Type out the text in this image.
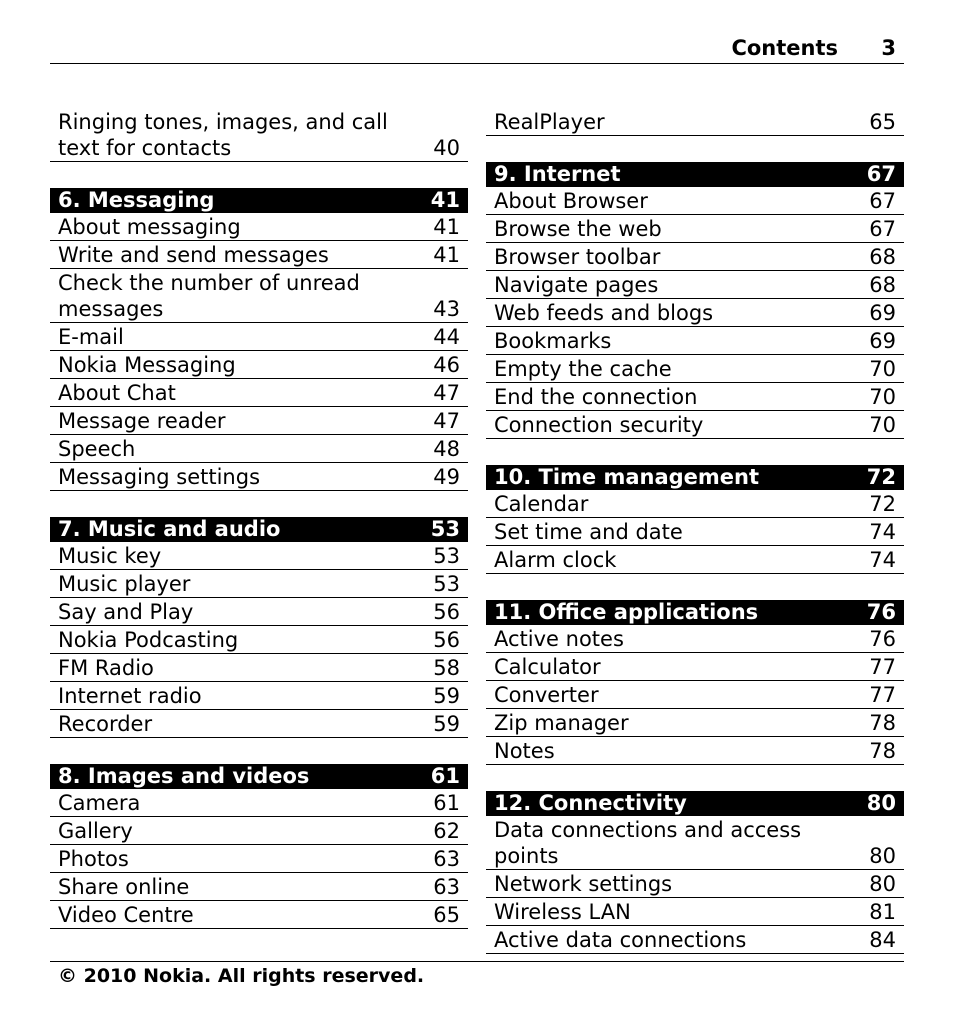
Contents 3
Ringing tones, images, and call text for contacts	40
6. Messaging	41
About messaging	41
Write and send messages	41
Check the number of unread messages	43
E-mail	44
Nokia Messaging	46
About Chat	47
Message reader	47
Speech	48
Messaging settings	49
7. Music and audio	53
Music key	53
Music player	53
Say and Play	56
Nokia Podcasting	56
FM Radio	58
Internet radio	59
Recorder	59
8. Images and videos	61
Camera	61
Gallery	62
Photos	63
Share online	63
Video Centre	65
RealPlayer	65
9. Internet	67
About Browser	67
Browse the web	67
Browser toolbar	68
Navigate pages	68
Web feeds and blogs	69
Bookmarks	69
Empty the cache	70
End the connection	70
Connection security	70
10. Time management	72
Calendar	72
Set time and date	74
Alarm clock	74
11. Office applications	76
Active notes	76
Calculator	77
Converter	77
Zip manager	78
Notes	78
12. Connectivity	80
Data connections and access points	80
Network settings	80
Wireless LAN	81
Active data connections	84
© 2010 Nokia. All rights reserved.
